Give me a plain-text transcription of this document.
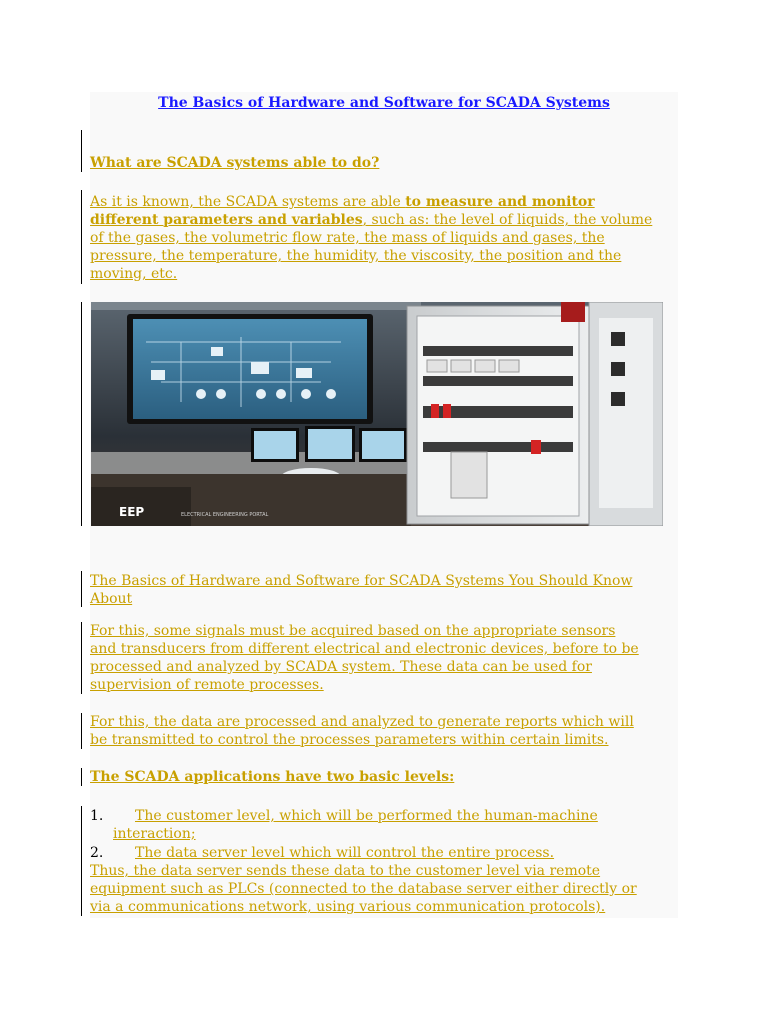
The Basics of Hardware and Software for SCADA Systems
What are SCADA systems able to do?
As it is known, the SCADA systems are able to measure and monitor
different parameters and variables, such as: the level of liquids, the volume
of the gases, the volumetric flow rate, the mass of liquids and gases, the
pressure, the temperature, the humidity, the viscosity, the position and the
moving, etc.
EEP	ELECTRICAL ENGINEERING PORTAL
The Basics of Hardware and Software for SCADA Systems You Should Know
About
For this, some signals must be acquired based on the appropriate sensors
and transducers from different electrical and electronic devices, before to be
processed and analyzed by SCADA system. These data can be used for
supervision of remote processes.
For this, the data are processed and analyzed to generate reports which will
be transmitted to control the processes parameters within certain limits.
The SCADA applications have two basic levels:
1. The customer level, which will be performed the human-machine
interaction;
2. The data server level which will control the entire process.
Thus, the data server sends these data to the customer level via remote
equipment such as PLCs (connected to the database server either directly or
via a communications network, using various communication protocols).
